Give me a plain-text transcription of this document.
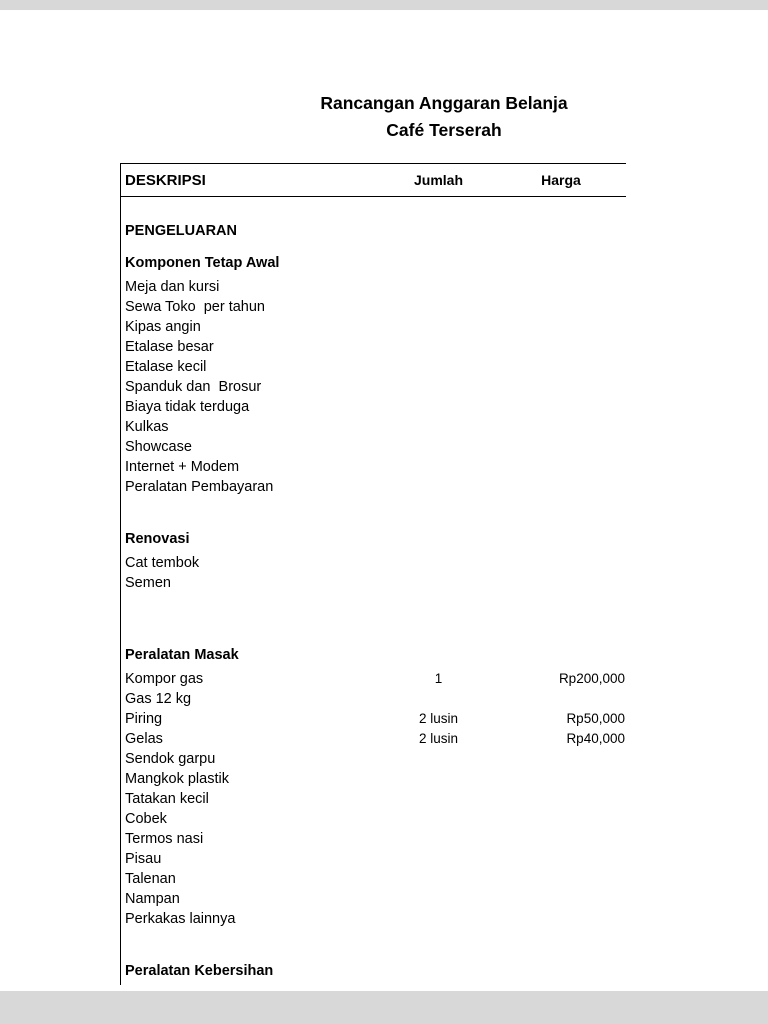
Rancangan Anggaran Belanja
Café Terserah
DESKRIPSI	Jumlah	Harga
PENGELUARAN
Komponen Tetap Awal
Meja dan kursi
Sewa Toko  per tahun
Kipas angin
Etalase besar
Etalase kecil
Spanduk dan  Brosur
Biaya tidak terduga
Kulkas
Showcase
Internet + Modem
Peralatan Pembayaran
Renovasi
Cat tembok
Semen
Peralatan Masak
Kompor gas	1	Rp200,000
Gas 12 kg
Piring	2 lusin	Rp50,000
Gelas	2 lusin	Rp40,000
Sendok garpu
Mangkok plastik
Tatakan kecil
Cobek
Termos nasi
Pisau
Talenan
Nampan
Perkakas lainnya
Peralatan Kebersihan
